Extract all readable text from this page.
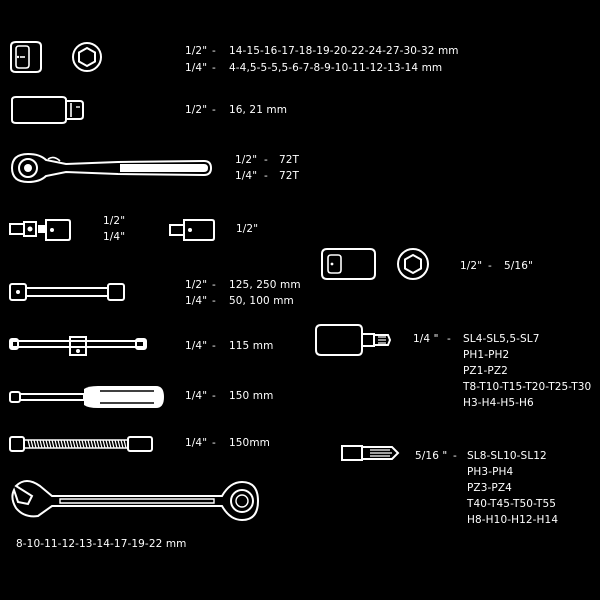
1/2" - 14-15-16-17-18-19-20-22-24-27-30-32 mm
1/4" - 4-4,5-5-5,5-6-7-8-9-10-11-12-13-14 mm
1/2" - 16, 21 mm
1/2" - 72T
1/4" - 72T
1/2"
1/4"
1/2"
1/2" - 5/16"
1/2" - 125, 250 mm
1/4" - 50, 100 mm
1/4 " - SL4-SL5,5-SL7
PH1-PH2
PZ1-PZ2
T8-T10-T15-T20-T25-T30
H3-H4-H5-H6
1/4" - 115 mm
1/4" - 150 mm
1/4" - 150mm
5/16 " - SL8-SL10-SL12
PH3-PH4
PZ3-PZ4
T40-T45-T50-T55
H8-H10-H12-H14
8-10-11-12-13-14-17-19-22 mm
